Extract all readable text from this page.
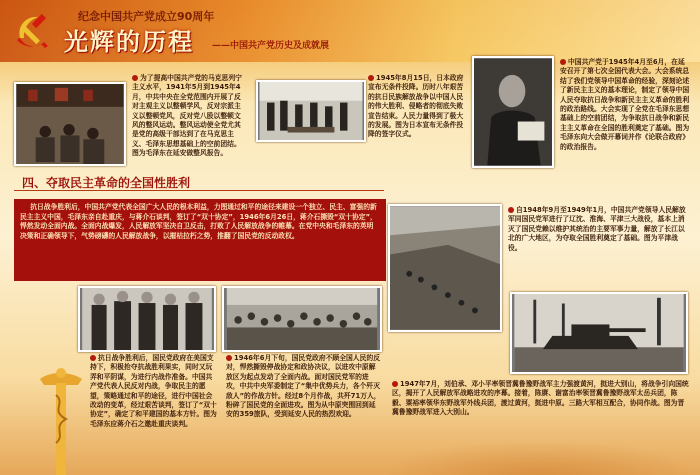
纪念中国共产党成立90周年
光辉的历程 ——中国共产党历史及成就展
为了提高中国共产党的马克思列宁主义水平，1941年5月到1945年4月，中共中央在全党范围内开展了反对主观主义以整顿学风，反对宗派主义以整顿党风，反对党八股以整顿文风的整风运动。整风运动使全党尤其是党的高级干部达到了在马克思主义、毛泽东思想基础上的空前团结。图为毛泽东在延安做整风报告。
1945年8月15日，日本政府宣布无条件投降。历时八年艰苦的抗日民族解放战争以中国人民的伟大胜利、侵略者的彻底失败宣告结束。人民力量得到了极大的发展。图为日本宣布无条件投降的签字仪式。
中国共产党于1945年4月至6月，在延安召开了第七次全国代表大会。大会系统总结了我们党领导中国革命的经验，深刻论述了新民主主义的基本理论，制定了领导中国人民夺取抗日战争和新民主主义革命的胜利的政治路线。大会实现了全党在毛泽东思想基础上的空前团结，为争取抗日战争和新民主主义革命在全国的胜利奠定了基础。图为毛泽东向大会做开幕词并作《论联合政府》的政治报告。
四、夺取民主革命的全国性胜利

抗日战争胜利后，中国共产党代表全国广大人民的根本利益，力图通过和平的途径来建设一个独立、民主、富强的新民主主义中国，毛泽东亲自赴重庆，与蒋介石谈判，签订了“双十协定”，1946年6月26日，蒋介石撕毁“双十协定”，悍然发动全面内战。全面内战爆发，人民解放军坚决自卫反击，打败了人民解放战争的帷幕。在党中央和毛泽东的英明决策和正确领导下，气势磅礴的人民解放战争，以摧枯拉朽之势，推翻了国民党的反动政权。

自1948年9月至1949年1月，中国共产党领导人民解放军同国民党军进行了辽沈、淮海、平津三大战役，基本上消灭了国民党赖以维护其统治的主要军事力量，解放了长江以北的广大地区，为夺取全国胜利奠定了基础。图为平津战役。
抗日战争胜利后，国民党政府在美国支持下，积极抢夺抗战胜利果实，同时又玩弄和平阴谋，为进行内战作准备。中国共产党代表人民反对内战，争取民主的愿望，策略通过和平的途径，进行中国社会改动的变革，经过艰苦谈判，签订了“双十协定”，确定了和平建国的基本方针。图为毛泽东应蒋介石之邀赴重庆谈判。
1946年6月下旬，国民党政府不顾全国人民的反对，悍然撕毁停战协定和政协决议，以进攻中原解放区为起点发动了全面内战。面对国民党军的进攻，中共中央军委制定了“集中优势兵力，各个歼灭敌人”的作战方针。经过8个月作战，共歼71万人，粉碎了国民党的全面进攻。图为从中原突围回到延安的359旅队，受到延安人民的热烈欢迎。
1947年7月，刘伯承、邓小平率领晋冀鲁豫野战军主力强渡黄河，挺进大别山，将战争引向国统区，揭开了人民解放军战略进攻的序幕。接着，陈赓、谢富治率领晋冀鲁豫野战军太岳兵团，陈毅、粟裕率领华东野战军外线兵团，渡过黄河，挺进中原。三路大军相互配合，协同作战。图为晋冀鲁豫野战军进入大别山。
